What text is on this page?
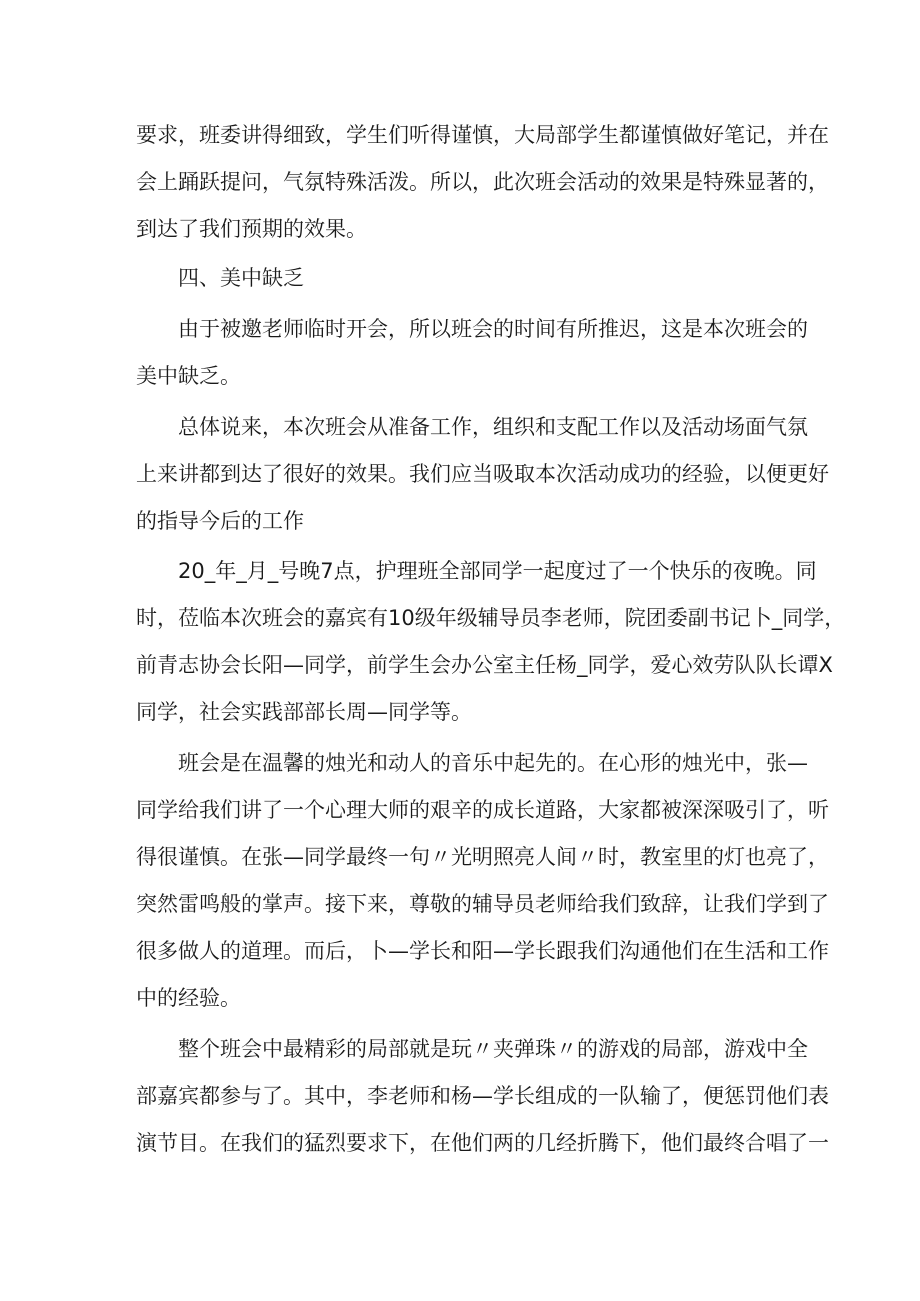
要求，班委讲得细致，学生们听得谨慎，大局部学生都谨慎做好笔记，并在
会上踊跃提问，气氛特殊活泼。所以，此次班会活动的效果是特殊显著的，
到达了我们预期的效果。
四、美中缺乏
由于被邀老师临时开会，所以班会的时间有所推迟，这是本次班会的
美中缺乏。
总体说来，本次班会从准备工作，组织和支配工作以及活动场面气氛
上来讲都到达了很好的效果。我们应当吸取本次活动成功的经验，以便更好
的指导今后的工作
20_年_月_号晚7点，护理班全部同学一起度过了一个快乐的夜晚。同
时，莅临本次班会的嘉宾有10级年级辅导员李老师，院团委副书记卜_同学，
前青志协会长阳—同学，前学生会办公室主任杨_同学，爱心效劳队队长谭X
同学，社会实践部部长周—同学等。
班会是在温馨的烛光和动人的音乐中起先的。在心形的烛光中，张—
同学给我们讲了一个心理大师的艰辛的成长道路，大家都被深深吸引了，听
得很谨慎。在张—同学最终一句〃光明照亮人间〃时，教室里的灯也亮了，
突然雷鸣般的掌声。接下来，尊敬的辅导员老师给我们致辞，让我们学到了
很多做人的道理。而后，卜—学长和阳—学长跟我们沟通他们在生活和工作
中的经验。
整个班会中最精彩的局部就是玩〃夹弹珠〃的游戏的局部，游戏中全
部嘉宾都参与了。其中，李老师和杨—学长组成的一队输了，便惩罚他们表
演节目。在我们的猛烈要求下，在他们两的几经折腾下，他们最终合唱了一
